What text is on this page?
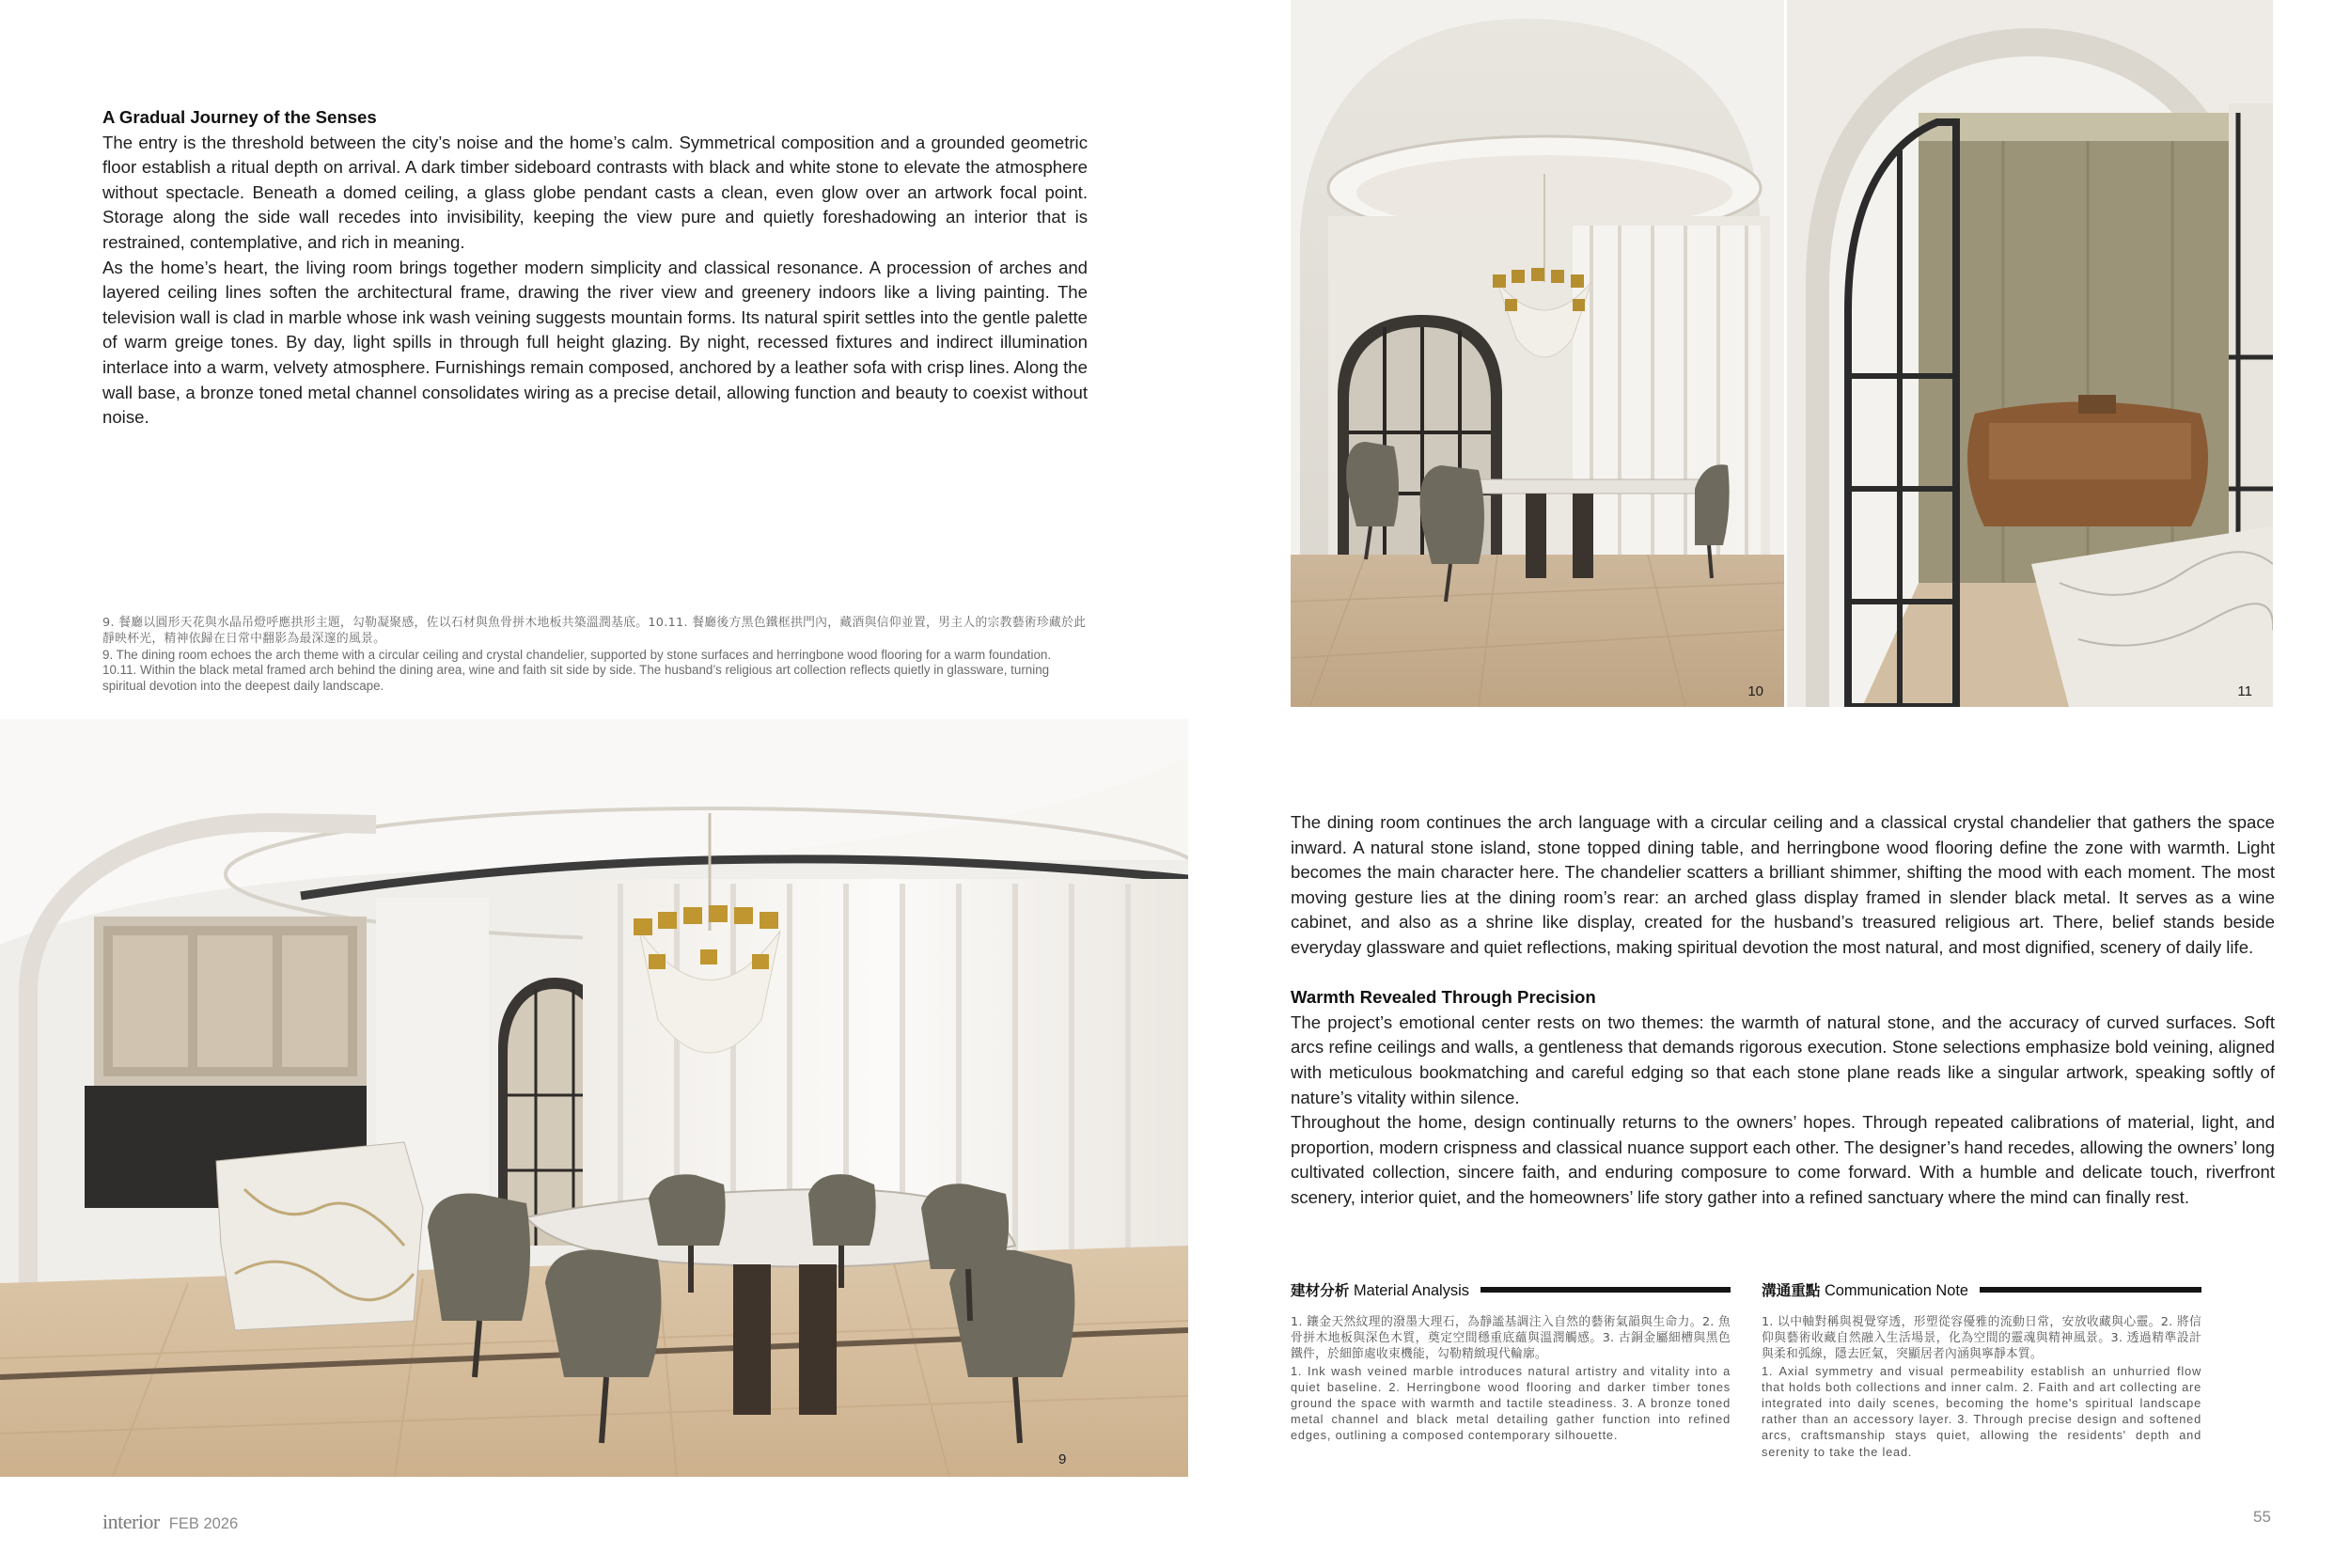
A Gradual Journey of the Senses

The entry is the threshold between the city’s noise and the home’s calm. Symmetrical composition and a grounded geometric floor establish a ritual depth on arrival. A dark timber sideboard contrasts with black and white stone to elevate the atmosphere without spectacle. Beneath a domed ceiling, a glass globe pendant casts a clean, even glow over an artwork focal point. Storage along the side wall recedes into invisibility, keeping the view pure and quietly foreshadowing an interior that is restrained, contemplative, and rich in meaning.

As the home’s heart, the living room brings together modern simplicity and classical resonance. A procession of arches and layered ceiling lines soften the architectural frame, drawing the river view and greenery indoors like a living painting. The television wall is clad in marble whose ink wash veining suggests mountain forms. Its natural spirit settles into the gentle palette of warm greige tones. By day, light spills in through full height glazing. By night, recessed fixtures and indirect illumination interlace into a warm, velvety atmosphere. Furnishings remain composed, anchored by a leather sofa with crisp lines. Along the wall base, a bronze toned metal channel consolidates wiring as a precise detail, allowing function and beauty to coexist without noise.

9. 餐廳以圓形天花與水晶吊燈呼應拱形主題，勾勒凝聚感，佐以石材與魚骨拼木地板共築溫潤基底。10.11. 餐廳後方黑色鐵框拱門內，藏酒與信仰並置，男主人的宗教藝術珍藏於此靜映杯光，精神依歸在日常中翻影為最深邃的風景。
9. The dining room echoes the arch theme with a circular ceiling and crystal chandelier, supported by stone surfaces and herringbone wood flooring for a warm foundation. 10.11. Within the black metal framed arch behind the dining area, wine and faith sit side by side. The husband’s religious art collection reflects quietly in glassware, turning spiritual devotion into the deepest daily landscape.	10	11
9

The dining room continues the arch language with a circular ceiling and a classical crystal chandelier that gathers the space inward. A natural stone island, stone topped dining table, and herringbone wood flooring define the zone with warmth. Light becomes the main character here. The chandelier scatters a brilliant shimmer, shifting the mood with each moment. The most moving gesture lies at the dining room’s rear: an arched glass display framed in slender black metal. It serves as a wine cabinet, and also as a shrine like display, created for the husband’s treasured religious art. There, belief stands beside everyday glassware and quiet reflections, making spiritual devotion the most natural, and most dignified, scenery of daily life.

Warmth Revealed Through Precision

The project’s emotional center rests on two themes: the warmth of natural stone, and the accuracy of curved surfaces. Soft arcs refine ceilings and walls, a gentleness that demands rigorous execution. Stone selections emphasize bold veining, aligned with meticulous bookmatching and careful edging so that each stone plane reads like a singular artwork, speaking softly of nature’s vitality within silence.

Throughout the home, design continually returns to the owners’ hopes. Through repeated calibrations of material, light, and proportion, modern crispness and classical nuance support each other. The designer’s hand recedes, allowing the owners’ long cultivated collection, sincere faith, and enduring composure to come forward. With a humble and delicate touch, riverfront scenery, interior quiet, and the homeowners’ life story gather into a refined sanctuary where the mind can finally rest.

建材分析 Material Analysis
1. 鑲金天然紋理的潑墨大理石，為靜謐基調注入自然的藝術氣韻與生命力。2. 魚骨拼木地板與深色木質，奠定空間穩重底蘊與溫潤觸感。3. 古銅金屬細槽與黑色鐵件，於細節處收束機能，勾勒精緻現代輪廓。
1. Ink wash veined marble introduces natural artistry and vitality into a quiet baseline. 2. Herringbone wood flooring and darker timber tones ground the space with warmth and tactile steadiness. 3. A bronze toned metal channel and black metal detailing gather function into refined edges, outlining a composed contemporary silhouette.
溝通重點 Communication Note
1. 以中軸對稱與視覺穿透，形塑從容優雅的流動日常，安放收藏與心靈。2. 將信仰與藝術收藏自然融入生活場景，化為空間的靈魂與精神風景。3. 透過精準設計與柔和弧線，隱去匠氣，突顯居者內涵與寧靜本質。
1. Axial symmetry and visual permeability establish an unhurried flow that holds both collections and inner calm. 2. Faith and art collecting are integrated into daily scenes, becoming the home's spiritual landscape rather than an accessory layer. 3. Through precise design and softened arcs, craftsmanship stays quiet, allowing the residents' depth and serenity to take the lead.
interior FEB 2026	55
